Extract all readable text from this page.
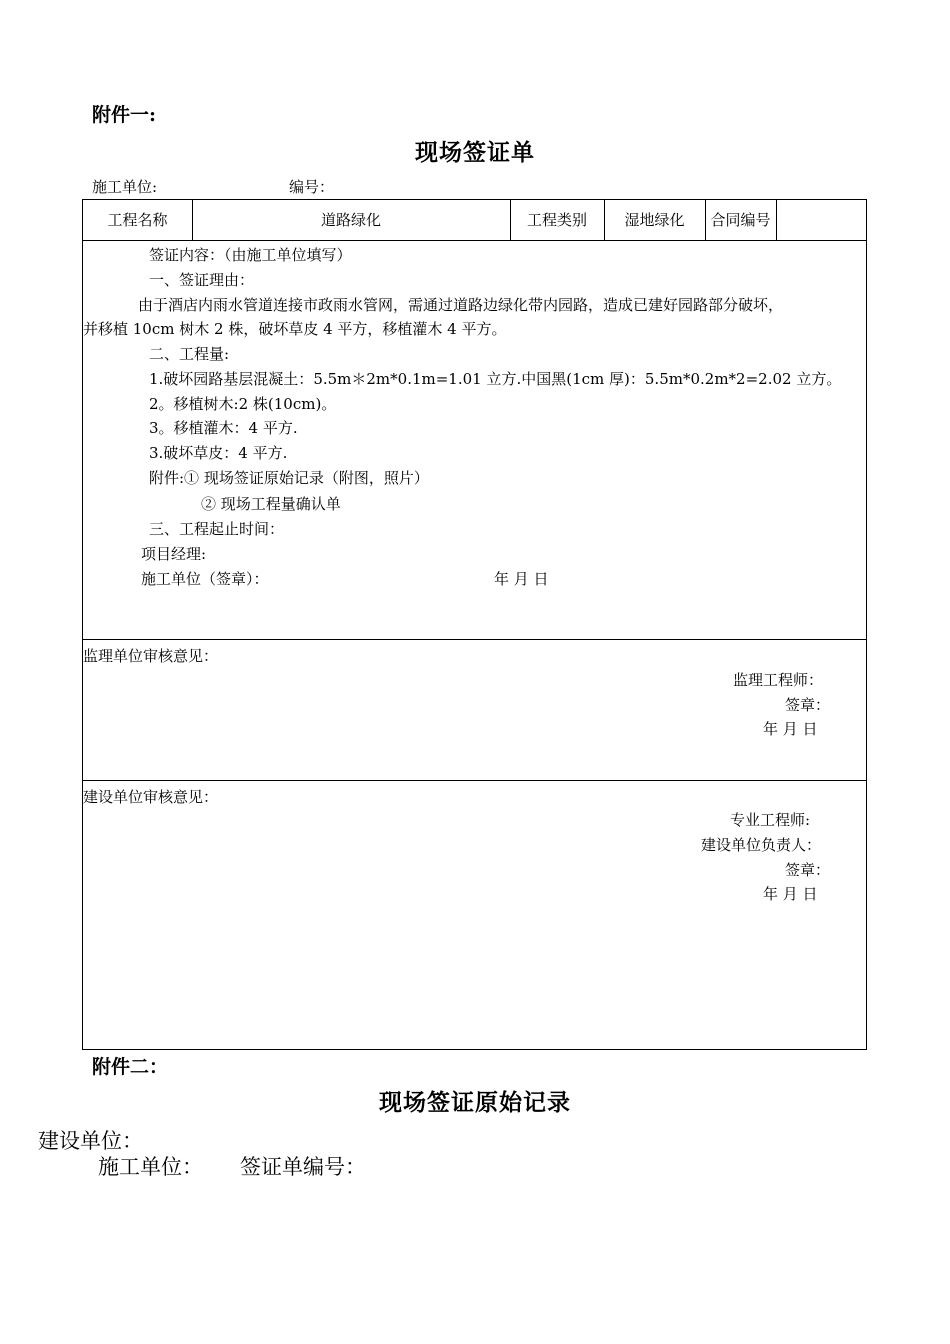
附件一:
现场签证单
施工单位:	编号：
工程名称	道路绿化	工程类别	湿地绿化	合同编号
签证内容：（由施工单位填写）
一、签证理由：
由于酒店内雨水管道连接市政雨水管网，需通过道路边绿化带内园路，造成已建好园路部分破坏，
并移植 10cm 树木 2 株，破坏草皮 4 平方，移植灌木 4 平方。
二、工程量:
1.破坏园路基层混凝土：5.5m＊2m*0.1m=1.01 立方.中国黑(1cm 厚)：5.5m*0.2m*2=2.02 立方。
2。移植树木:2 株(10cm)。
3。移植灌木：4 平方.
3.破坏草皮：4 平方.
附件:① 现场签证原始记录（附图，照片）
② 现场工程量确认单
三、工程起止时间：
项目经理:
施工单位（签章）：	年 月 日
监理单位审核意见：
监理工程师：
签章：
年 月 日
建设单位审核意见：
专业工程师:
建设单位负责人：
签章：
年 月 日
附件二：
现场签证原始记录
建设单位：
施工单位： 签证单编号：
